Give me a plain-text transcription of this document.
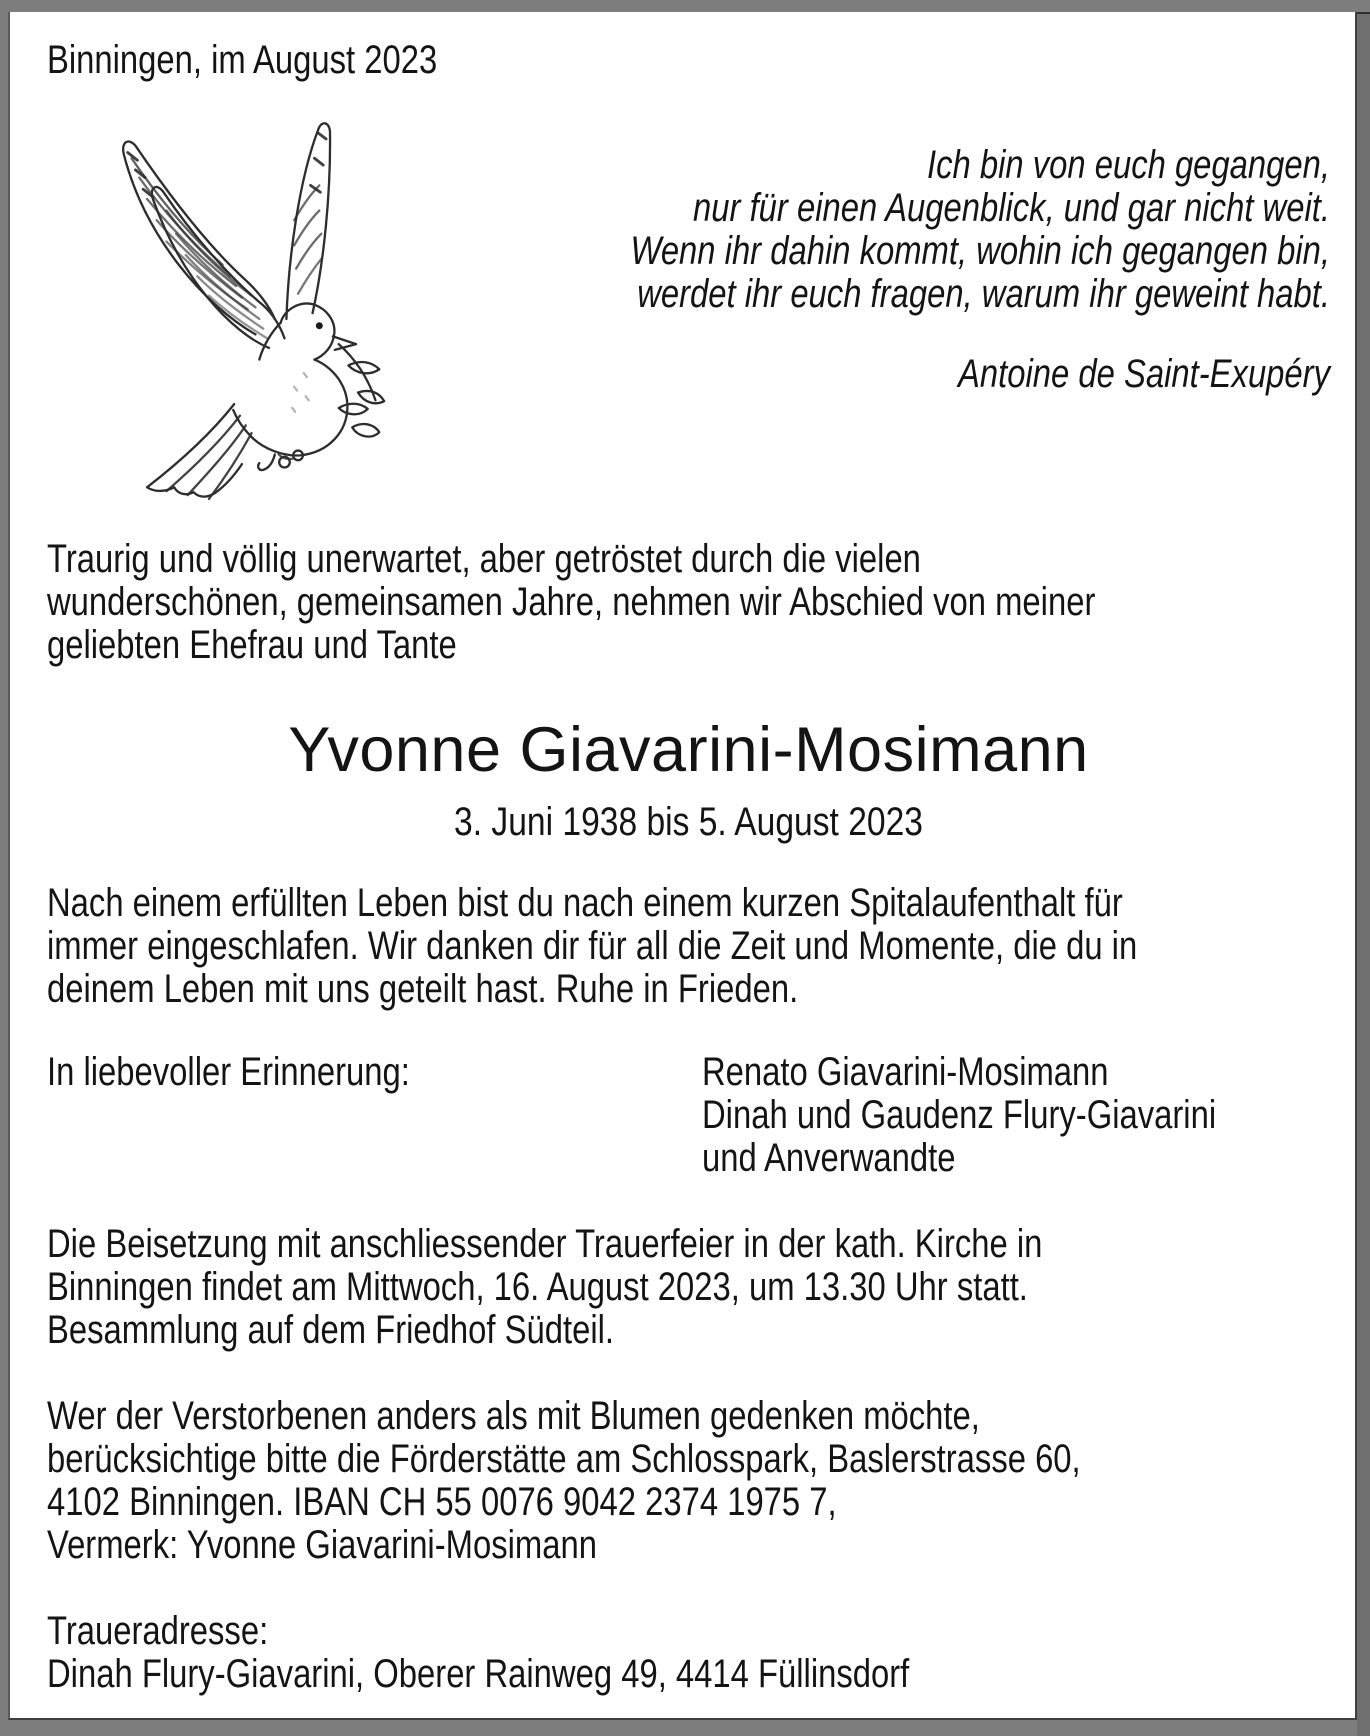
Binningen, im August 2023
Ich bin von euch gegangen,
nur für einen Augenblick, und gar nicht weit.
Wenn ihr dahin kommt, wohin ich gegangen bin,
werdet ihr euch fragen, warum ihr geweint habt.
Antoine de Saint-Exupéry
Traurig und völlig unerwartet, aber getröstet durch die vielen
wunderschönen, gemeinsamen Jahre, nehmen wir Abschied von meiner
geliebten Ehefrau und Tante
Yvonne Giavarini-Mosimann
3. Juni 1938 bis 5. August 2023
Nach einem erfüllten Leben bist du nach einem kurzen Spitalaufenthalt für
immer eingeschlafen. Wir danken dir für all die Zeit und Momente, die du in
deinem Leben mit uns geteilt hast. Ruhe in Frieden.
In liebevoller Erinnerung:	Renato Giavarini-Mosimann
Dinah und Gaudenz Flury-Giavarini
und Anverwandte
Die Beisetzung mit anschliessender Trauerfeier in der kath. Kirche in
Binningen findet am Mittwoch, 16. August 2023, um 13.30 Uhr statt.
Besammlung auf dem Friedhof Südteil.
Wer der Verstorbenen anders als mit Blumen gedenken möchte,
berücksichtige bitte die Förderstätte am Schlosspark, Baslerstrasse 60,
4102 Binningen. IBAN CH 55 0076 9042 2374 1975 7,
Vermerk: Yvonne Giavarini-Mosimann
Traueradresse:
Dinah Flury-Giavarini, Oberer Rainweg 49, 4414 Füllinsdorf
